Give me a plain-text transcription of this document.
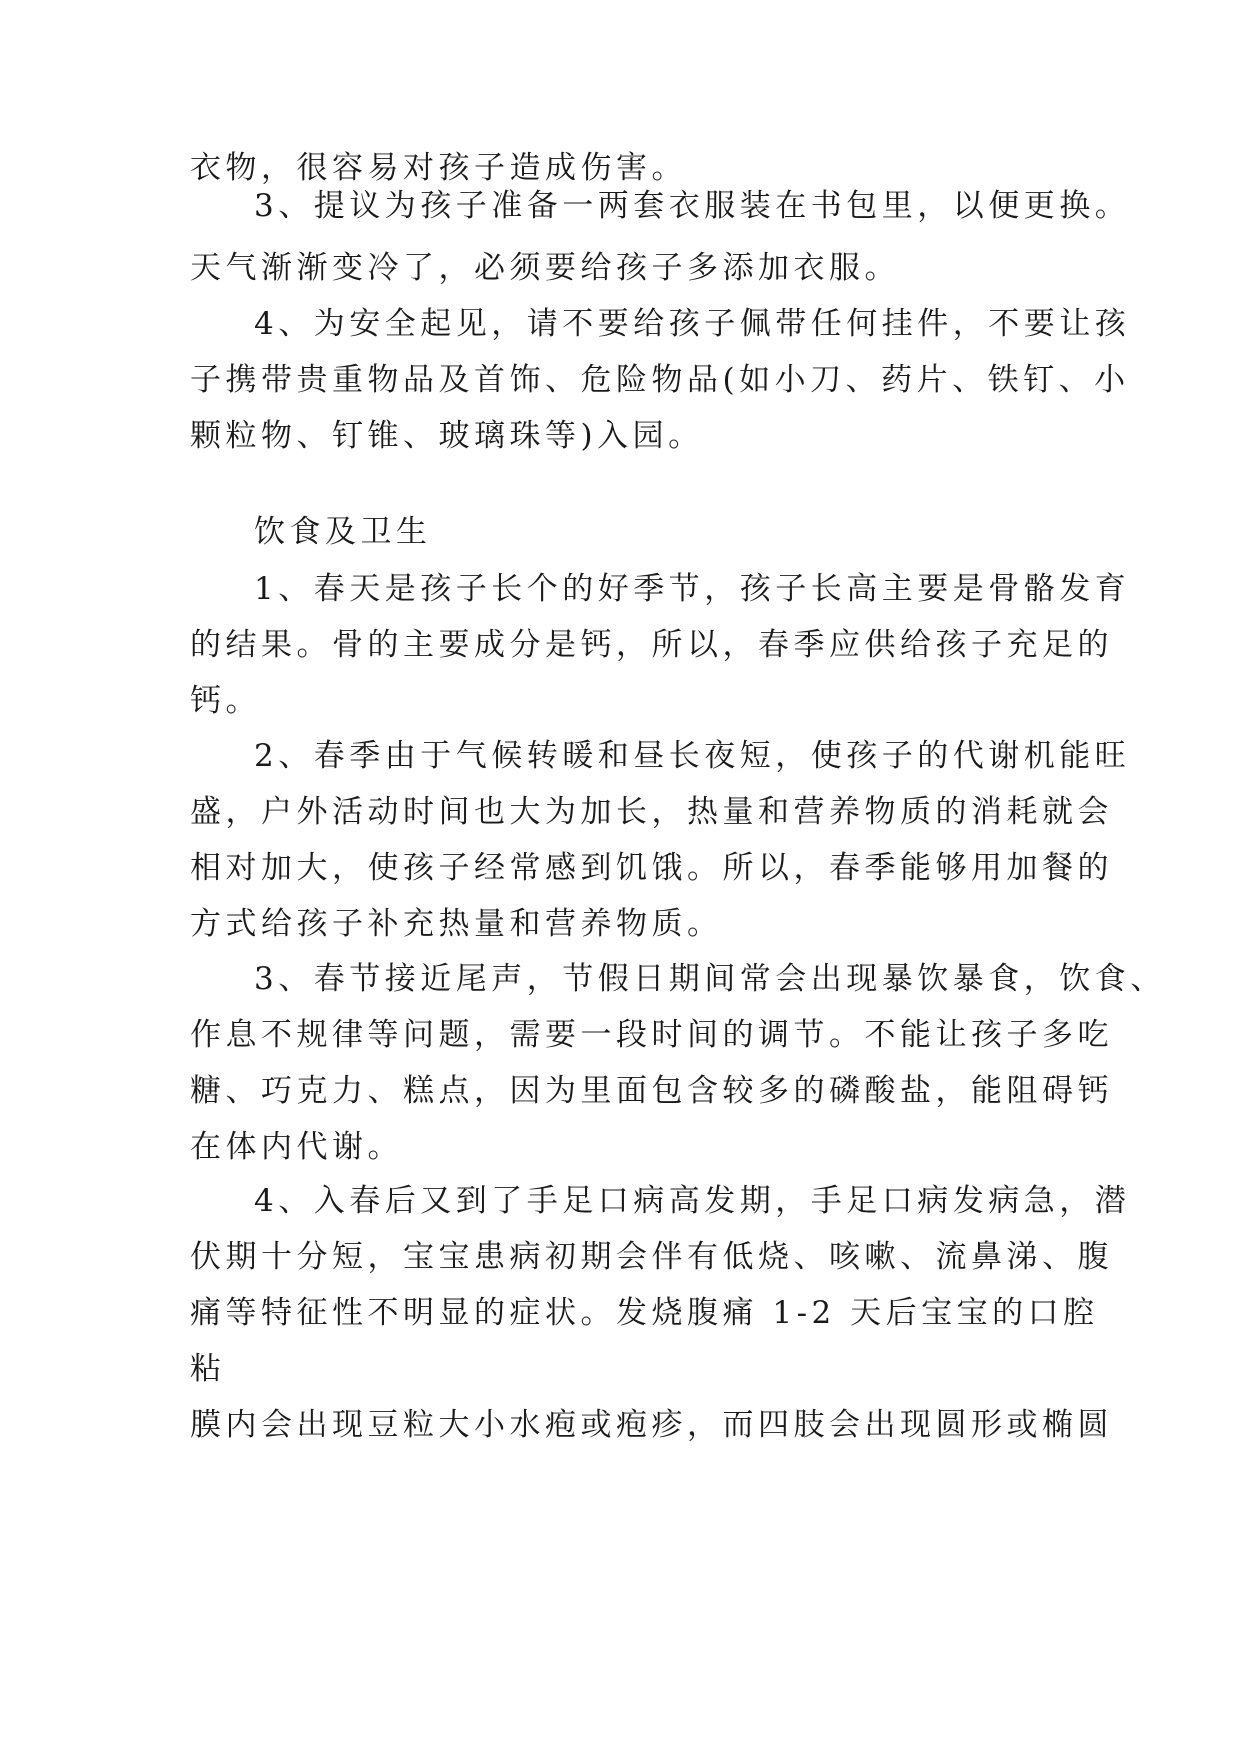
衣物，很容易对孩子造成伤害。
3、提议为孩子准备一两套衣服装在书包里，以便更换。
天气渐渐变冷了，必须要给孩子多添加衣服。
4、为安全起见，请不要给孩子佩带任何挂件，不要让孩
子携带贵重物品及首饰、危险物品(如小刀、药片、铁钉、小
颗粒物、钉锥、玻璃珠等)入园。
饮食及卫生
1、春天是孩子长个的好季节，孩子长高主要是骨骼发育
的结果。骨的主要成分是钙，所以，春季应供给孩子充足的
钙。
2、春季由于气候转暖和昼长夜短，使孩子的代谢机能旺
盛，户外活动时间也大为加长，热量和营养物质的消耗就会
相对加大，使孩子经常感到饥饿。所以，春季能够用加餐的
方式给孩子补充热量和营养物质。
3、春节接近尾声，节假日期间常会出现暴饮暴食，饮食、
作息不规律等问题，需要一段时间的调节。不能让孩子多吃
糖、巧克力、糕点，因为里面包含较多的磷酸盐，能阻碍钙
在体内代谢。
4、入春后又到了手足口病高发期，手足口病发病急，潜
伏期十分短，宝宝患病初期会伴有低烧、咳嗽、流鼻涕、腹
痛等特征性不明显的症状。发烧腹痛 1-2 天后宝宝的口腔
粘
膜内会出现豆粒大小水疱或疱疹，而四肢会出现圆形或椭圆
